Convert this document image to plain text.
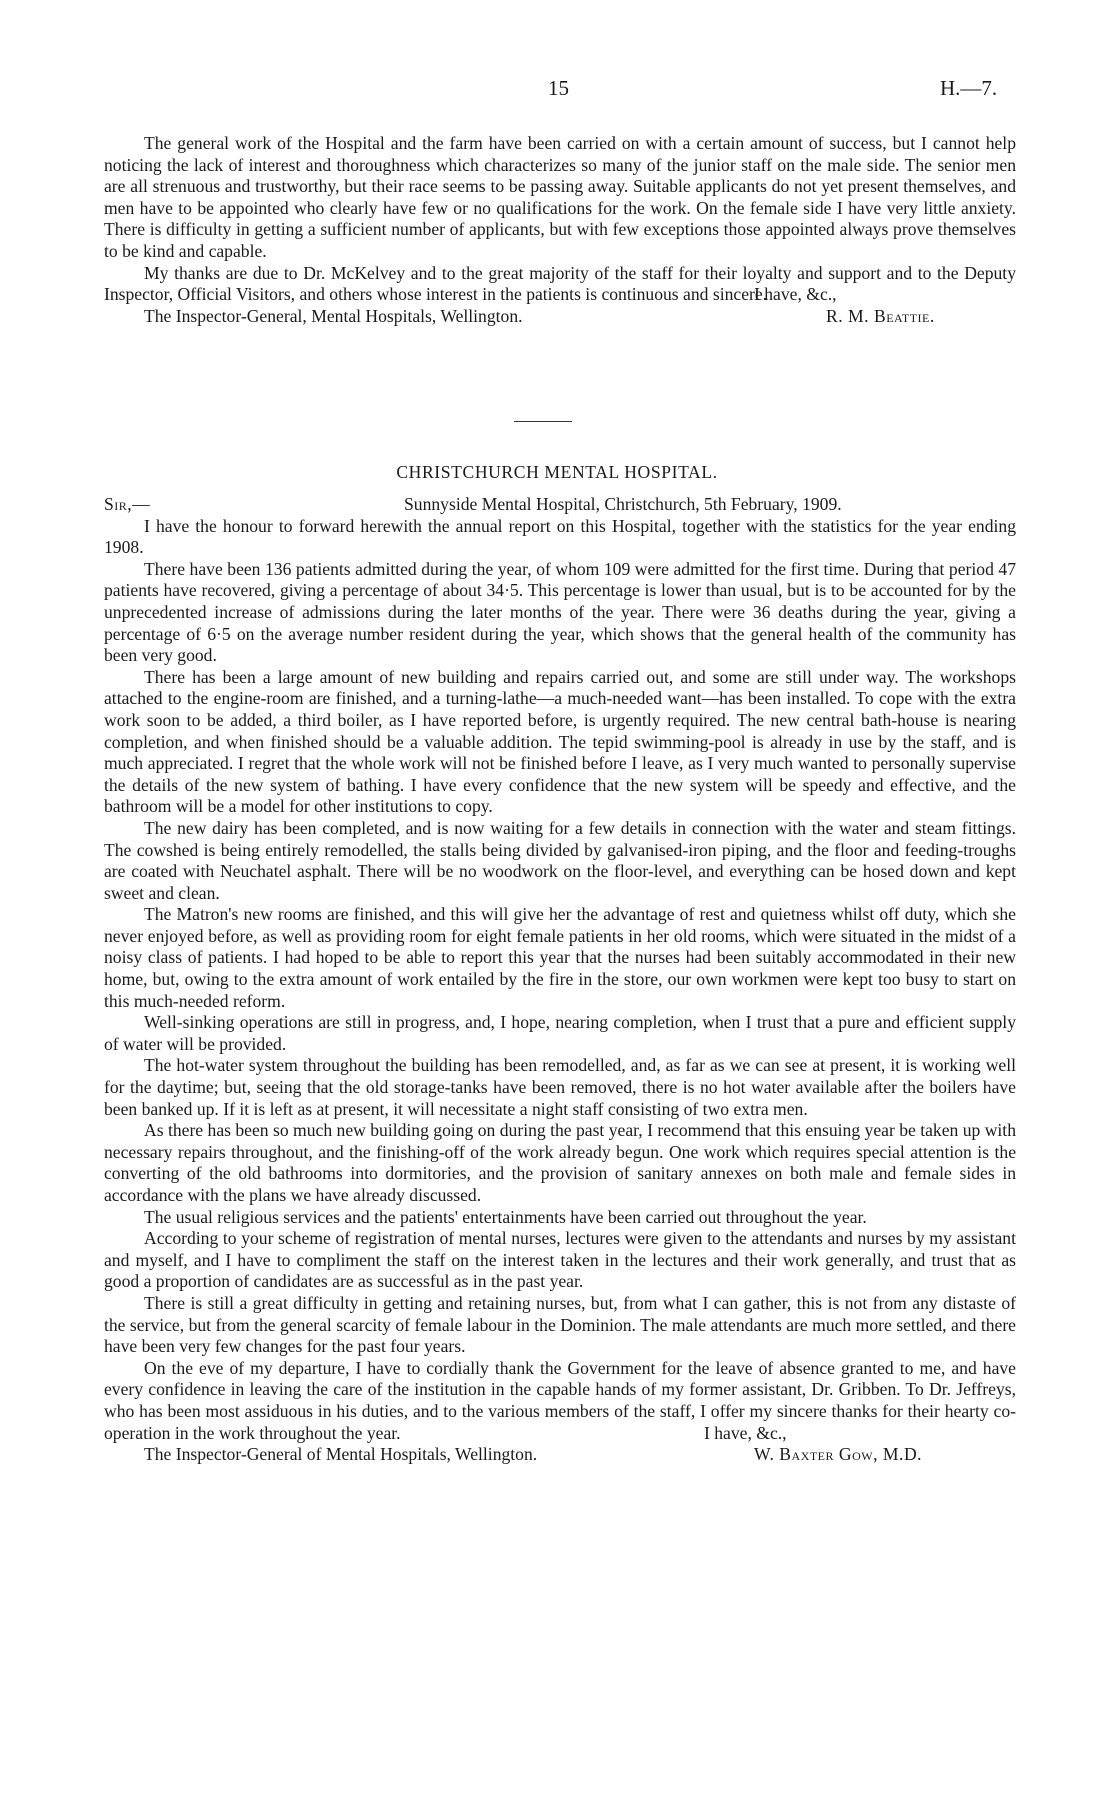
15	H.—7.

The general work of the Hospital and the farm have been carried on with a certain amount of success, but I cannot help noticing the lack of interest and thoroughness which characterizes so many of the junior staff on the male side. The senior men are all strenuous and trustworthy, but their race seems to be passing away. Suitable applicants do not yet present themselves, and men have to be appointed who clearly have few or no qualifications for the work. On the female side I have very little anxiety. There is difficulty in getting a sufficient number of applicants, but with few exceptions those appointed always prove themselves to be kind and capable.

My thanks are due to Dr. McKelvey and to the great majority of the staff for their loyalty and support and to the Deputy Inspector, Official Visitors, and others whose interest in the patients is continuous and sincere.

I have, &c.,
The Inspector-General, Mental Hospitals, Wellington.	R. M. Beattie.
CHRISTCHURCH MENTAL HOSPITAL.
Sir,—	Sunnyside Mental Hospital, Christchurch, 5th February, 1909.

I have the honour to forward herewith the annual report on this Hospital, together with the statistics for the year ending 1908.

There have been 136 patients admitted during the year, of whom 109 were admitted for the first time. During that period 47 patients have recovered, giving a percentage of about 34·5. This percentage is lower than usual, but is to be accounted for by the unprecedented increase of admissions during the later months of the year. There were 36 deaths during the year, giving a percentage of 6·5 on the average number resident during the year, which shows that the general health of the community has been very good.

There has been a large amount of new building and repairs carried out, and some are still under way. The workshops attached to the engine-room are finished, and a turning-lathe—a much-needed want—has been installed. To cope with the extra work soon to be added, a third boiler, as I have reported before, is urgently required. The new central bath-house is nearing completion, and when finished should be a valuable addition. The tepid swimming-pool is already in use by the staff, and is much appreciated. I regret that the whole work will not be finished before I leave, as I very much wanted to personally supervise the details of the new system of bathing. I have every confidence that the new system will be speedy and effective, and the bathroom will be a model for other institutions to copy.

The new dairy has been completed, and is now waiting for a few details in connection with the water and steam fittings. The cowshed is being entirely remodelled, the stalls being divided by galvanised-iron piping, and the floor and feeding-troughs are coated with Neuchatel asphalt. There will be no woodwork on the floor-level, and everything can be hosed down and kept sweet and clean.

The Matron's new rooms are finished, and this will give her the advantage of rest and quietness whilst off duty, which she never enjoyed before, as well as providing room for eight female patients in her old rooms, which were situated in the midst of a noisy class of patients. I had hoped to be able to report this year that the nurses had been suitably accommodated in their new home, but, owing to the extra amount of work entailed by the fire in the store, our own workmen were kept too busy to start on this much-needed reform.

Well-sinking operations are still in progress, and, I hope, nearing completion, when I trust that a pure and efficient supply of water will be provided.

The hot-water system throughout the building has been remodelled, and, as far as we can see at present, it is working well for the daytime; but, seeing that the old storage-tanks have been removed, there is no hot water available after the boilers have been banked up. If it is left as at present, it will necessitate a night staff consisting of two extra men.

As there has been so much new building going on during the past year, I recommend that this ensuing year be taken up with necessary repairs throughout, and the finishing-off of the work already begun. One work which requires special attention is the converting of the old bathrooms into dormitories, and the provision of sanitary annexes on both male and female sides in accordance with the plans we have already discussed.

The usual religious services and the patients' entertainments have been carried out throughout the year.

According to your scheme of registration of mental nurses, lectures were given to the attendants and nurses by my assistant and myself, and I have to compliment the staff on the interest taken in the lectures and their work generally, and trust that as good a proportion of candidates are as successful as in the past year.

There is still a great difficulty in getting and retaining nurses, but, from what I can gather, this is not from any distaste of the service, but from the general scarcity of female labour in the Dominion. The male attendants are much more settled, and there have been very few changes for the past four years.

On the eve of my departure, I have to cordially thank the Government for the leave of absence granted to me, and have every confidence in leaving the care of the institution in the capable hands of my former assistant, Dr. Gribben. To Dr. Jeffreys, who has been most assiduous in his duties, and to the various members of the staff, I offer my sincere thanks for their hearty co-operation in the work throughout the year.	I have, &c.,
The Inspector-General of Mental Hospitals, Wellington.	W. Baxter Gow, M.D.
